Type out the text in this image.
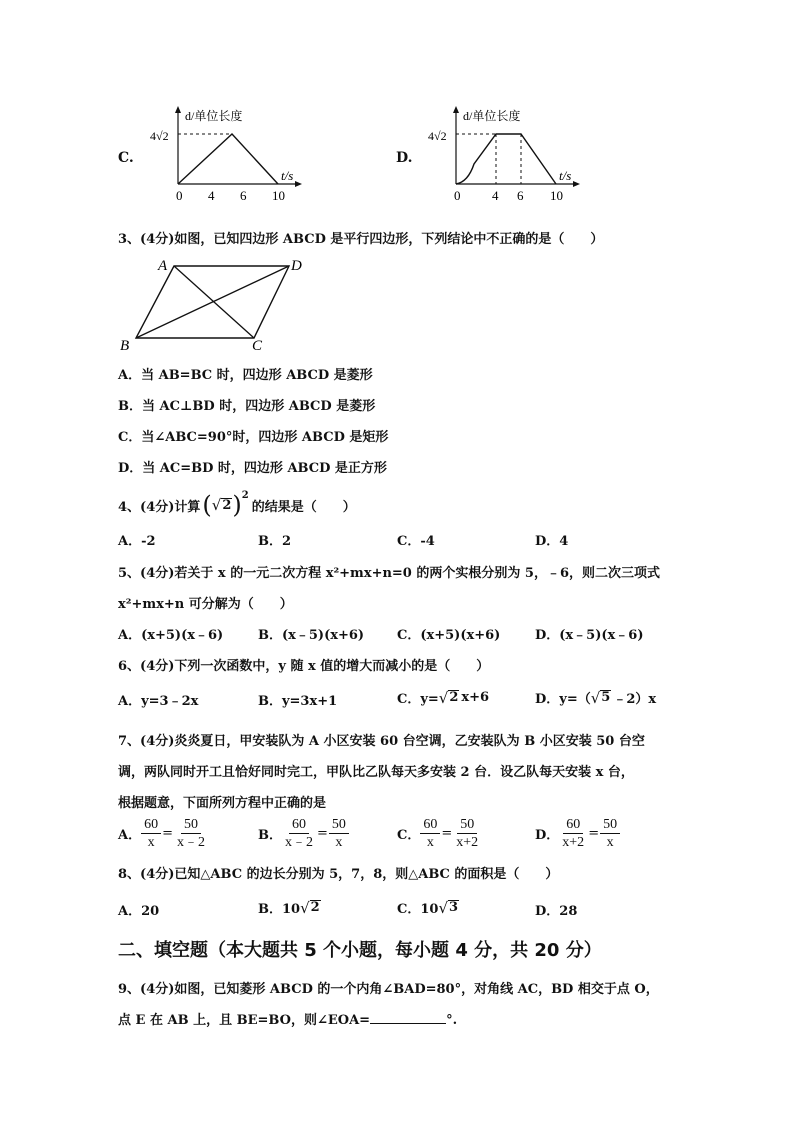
C.
d/单位长度
4√2
0 4 6 10
t/s
D.
d/单位长度
4√2
0 4 6 10
t/s
3、(4分)如图，已知四边形 ABCD 是平行四边形，下列结论中不正确的是（　　）
A	D
B	C
A．当 AB=BC 时，四边形 ABCD 是菱形
B．当 AC⊥BD 时，四边形 ABCD 是菱形
C．当∠ABC=90°时，四边形 ABCD 是矩形
D．当 AC=BD 时，四边形 ABCD 是正方形
4、(4分)计算 ( √ 2 ) 2
的结果是（　　）
A．-2	B．2	C．-4	D．4
5、(4分)若关于 x 的一元二次方程 x²+mx+n=0 的两个实根分别为 5，﹣6，则二次三项式
x²+mx+n 可分解为（　　）
A．(x+5)(x﹣6)	B．(x﹣5)(x+6)	C．(x+5)(x+6)	D．(x﹣5)(x﹣6)
6、(4分)下列一次函数中，y 随 x 值的增大而减小的是（　　）
A．y=3﹣2x	B．y=3x+1	C．y= √ 2 x+6	D．y=（ √ 5 ﹣2）x
7、(4分)炎炎夏日，甲安装队为 A 小区安装 60 台空调，乙安装队为 B 小区安装 50 台空
调，两队同时开工且恰好同时完工，甲队比乙队每天多安装 2 台．设乙队每天安装 x 台，
根据题意，下面所列方程中正确的是
A． $\frac{60}{x} = \frac{50}{x﹣2}$	B． $\frac{60}{x﹣2} = \frac{50}{x}$	C． $\frac{60}{x} = \frac{50}{x+2}$	D． $\frac{60}{x+2} = \frac{50}{x}$
8、(4分)已知△ABC 的边长分别为 5，7，8，则△ABC 的面积是（　　）
A．20	B．10 √ 2	C．10 √ 3	D．28
二、填空题（本大题共 5 个小题，每小题 4 分，共 20 分）
9、(4分)如图，已知菱形 ABCD 的一个内角∠BAD=80°，对角线 AC，BD 相交于点 O，
点 E 在 AB 上，且 BE=BO，则∠EOA=	°.
